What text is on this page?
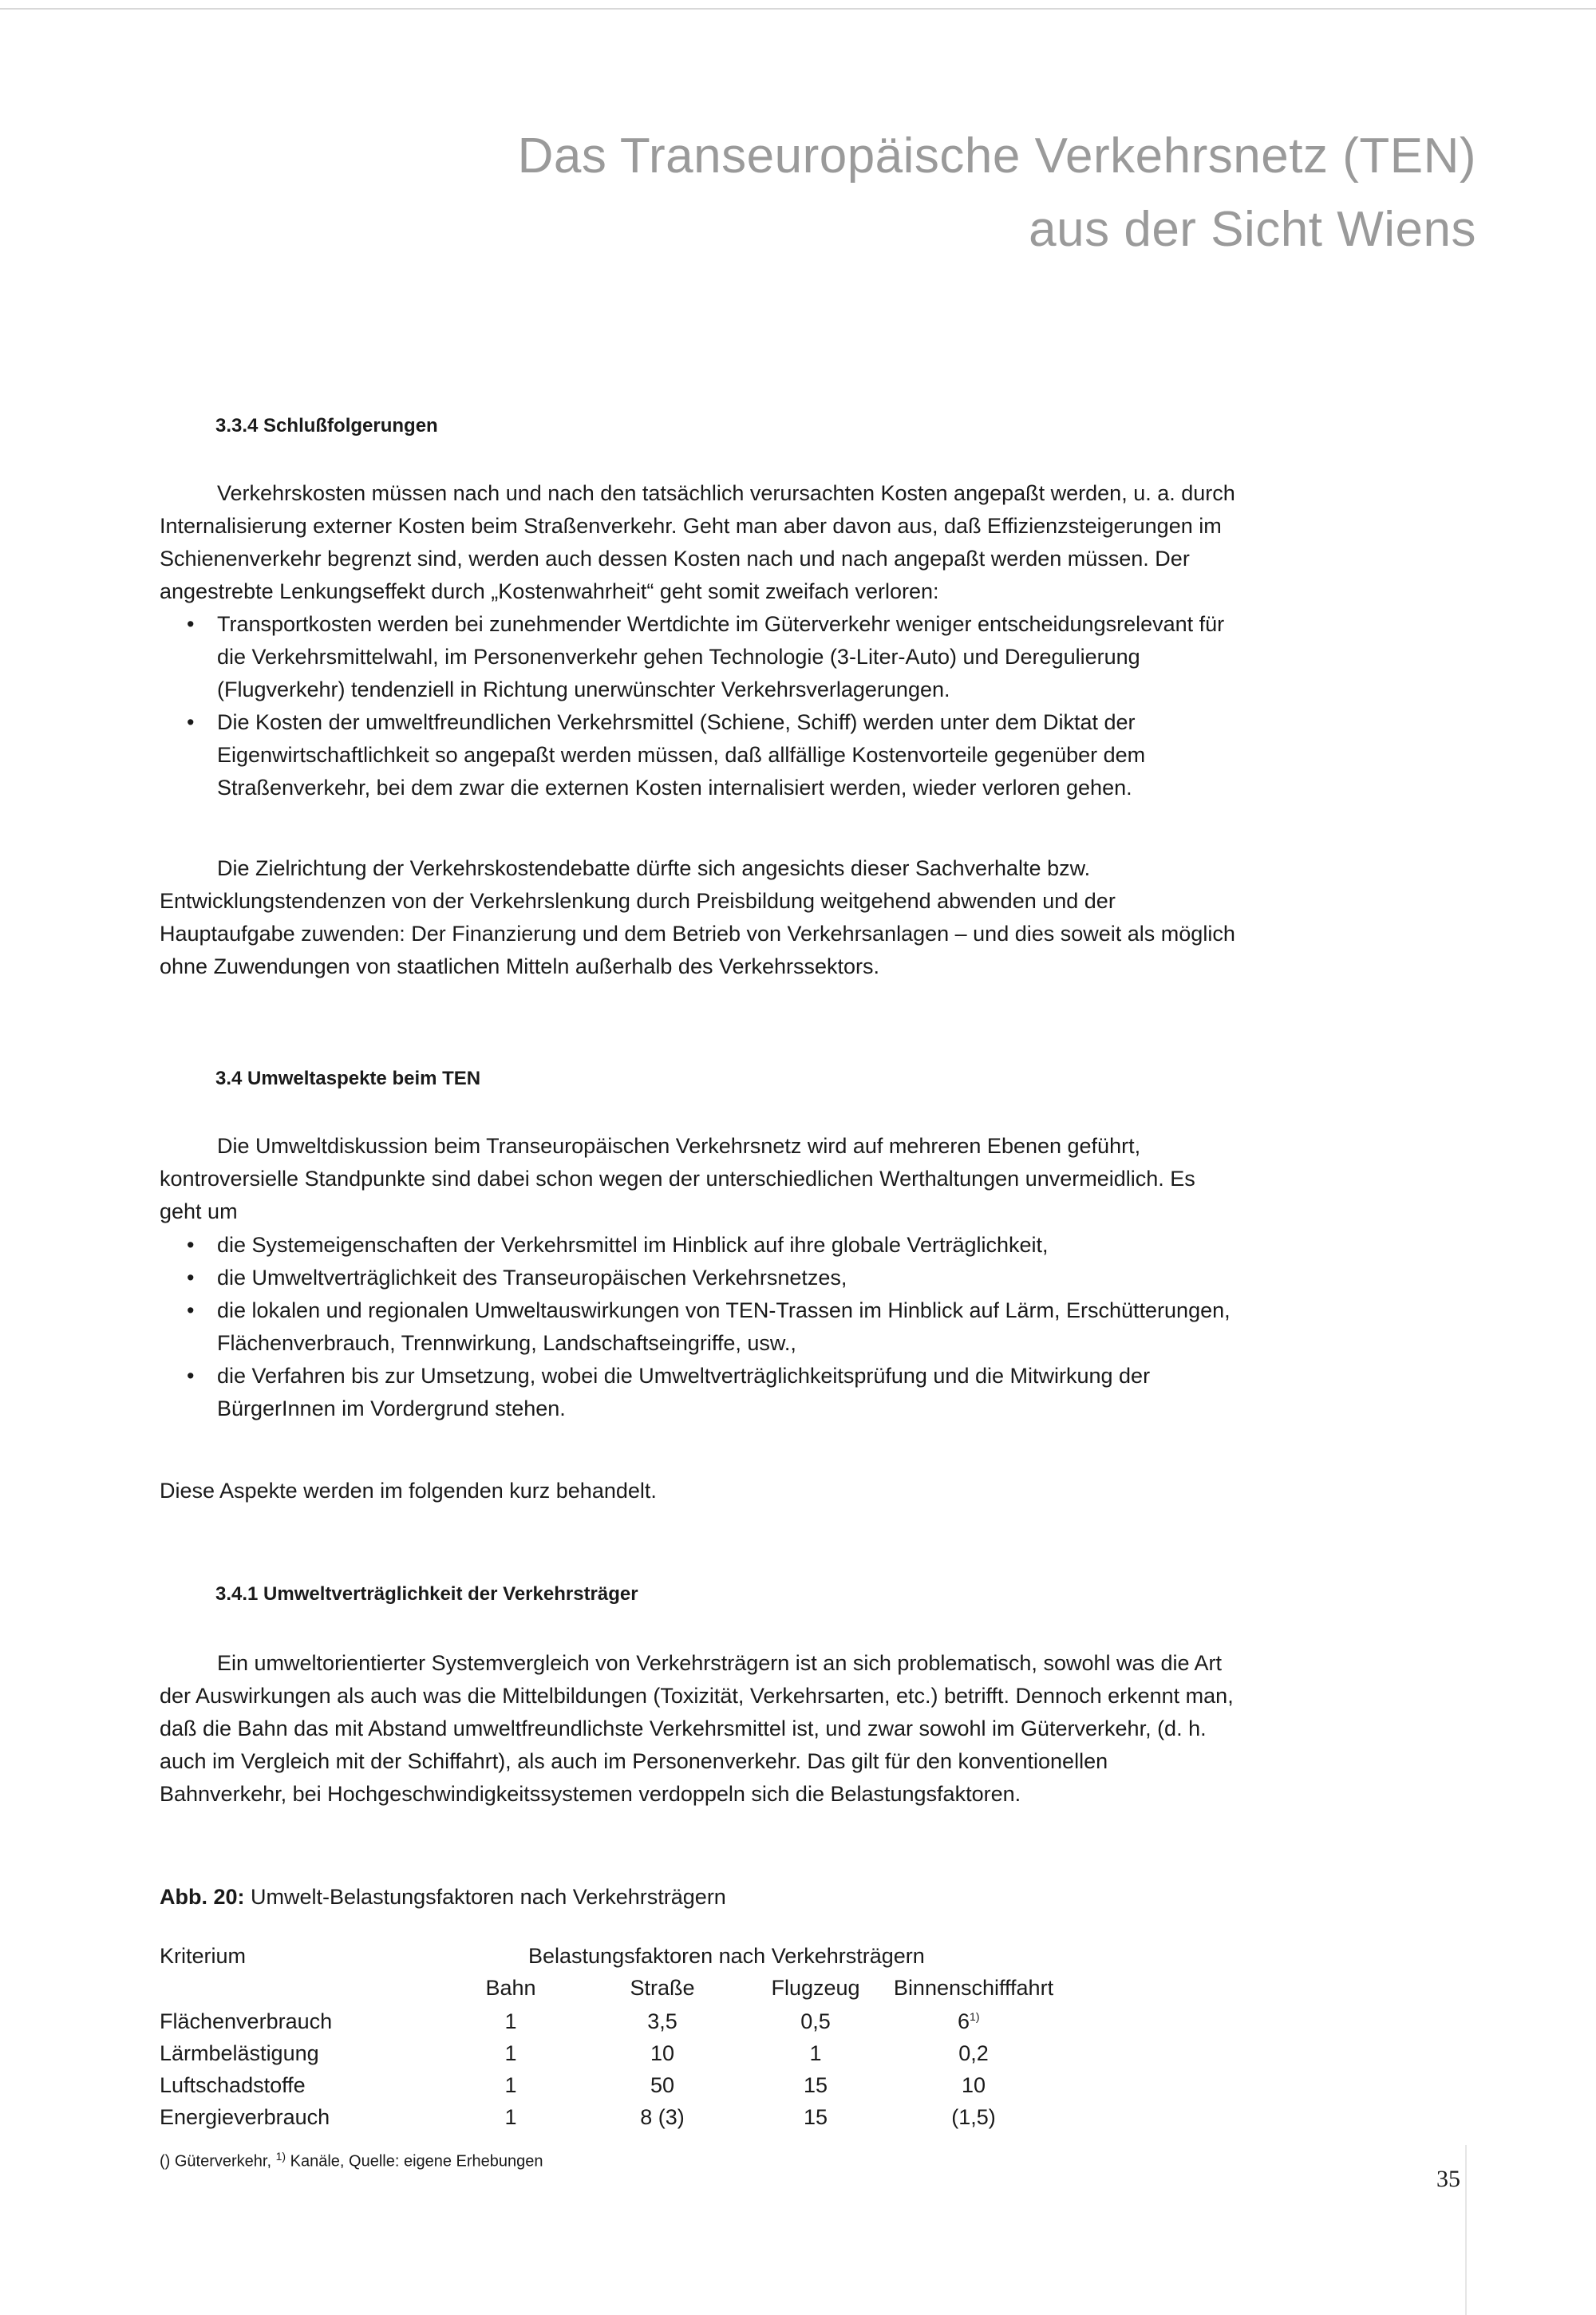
Das Transeuropäische Verkehrsnetz (TEN)
aus der Sicht Wiens
3.3.4 Schlußfolgerungen

Verkehrskosten müssen nach und nach den tatsächlich verursachten Kosten angepaßt werden, u. a. durch Internalisierung externer Kosten beim Straßenverkehr. Geht man aber davon aus, daß Effizienzsteigerungen im Schienenverkehr begrenzt sind, werden auch dessen Kosten nach und nach angepaßt werden müssen. Der angestrebte Lenkungseffekt durch „Kostenwahrheit“ geht somit zweifach verloren:

• Transportkosten werden bei zunehmender Wertdichte im Güterverkehr weniger entscheidungsrelevant für die Verkehrsmittelwahl, im Personenverkehr gehen Technologie (3-Liter-Auto) und Deregulierung (Flugverkehr) tendenziell in Richtung unerwünschter Verkehrsverlagerungen.
• Die Kosten der umweltfreundlichen Verkehrsmittel (Schiene, Schiff) werden unter dem Diktat der Eigenwirtschaftlichkeit so angepaßt werden müssen, daß allfällige Kostenvorteile gegenüber dem Straßenverkehr, bei dem zwar die externen Kosten internalisiert werden, wieder verloren gehen.

Die Zielrichtung der Verkehrskostendebatte dürfte sich angesichts dieser Sachverhalte bzw. Entwicklungstendenzen von der Verkehrslenkung durch Preisbildung weitgehend abwenden und der Hauptaufgabe zuwenden: Der Finanzierung und dem Betrieb von Verkehrsanlagen – und dies soweit als möglich ohne Zuwendungen von staatlichen Mitteln außerhalb des Verkehrssektors.

3.4 Umweltaspekte beim TEN

Die Umweltdiskussion beim Transeuropäischen Verkehrsnetz wird auf mehreren Ebenen geführt, kontroversielle Standpunkte sind dabei schon wegen der unterschiedlichen Werthaltungen unvermeidlich. Es geht um

• die Systemeigenschaften der Verkehrsmittel im Hinblick auf ihre globale Verträglichkeit,
• die Umweltverträglichkeit des Transeuropäischen Verkehrsnetzes,
• die lokalen und regionalen Umweltauswirkungen von TEN-Trassen im Hinblick auf Lärm, Erschütterungen, Flächenverbrauch, Trennwirkung, Landschaftseingriffe, usw.,
• die Verfahren bis zur Umsetzung, wobei die Umweltverträglichkeitsprüfung und die Mitwirkung der BürgerInnen im Vordergrund stehen.

Diese Aspekte werden im folgenden kurz behandelt.

3.4.1 Umweltverträglichkeit der Verkehrsträger

Ein umweltorientierter Systemvergleich von Verkehrsträgern ist an sich problematisch, sowohl was die Art der Auswirkungen als auch was die Mittelbildungen (Toxizität, Verkehrsarten, etc.) betrifft. Dennoch erkennt man, daß die Bahn das mit Abstand umweltfreundlichste Verkehrsmittel ist, und zwar sowohl im Güterverkehr, (d. h. auch im Vergleich mit der Schiffahrt), als auch im Personenverkehr. Das gilt für den konventionellen Bahnverkehr, bei Hochgeschwindigkeitssystemen verdoppeln sich die Belastungsfaktoren.

Abb. 20: Umwelt-Belastungsfaktoren nach Verkehrsträgern
Kriterium	Belastungsfaktoren nach Verkehrsträgern
Bahn	Straße	Flugzeug Binnenschifffahrt
Flächenverbrauch	1	3,5	0,5	6$^{1)}$
Lärmbelästigung	1	10	1	0,2
Luftschadstoffe	1	50	15	10
Energieverbrauch	1	8 (3)	15	(1,5)
() Güterverkehr, $^{1)}$ Kanäle, Quelle: eigene Erhebungen
35
